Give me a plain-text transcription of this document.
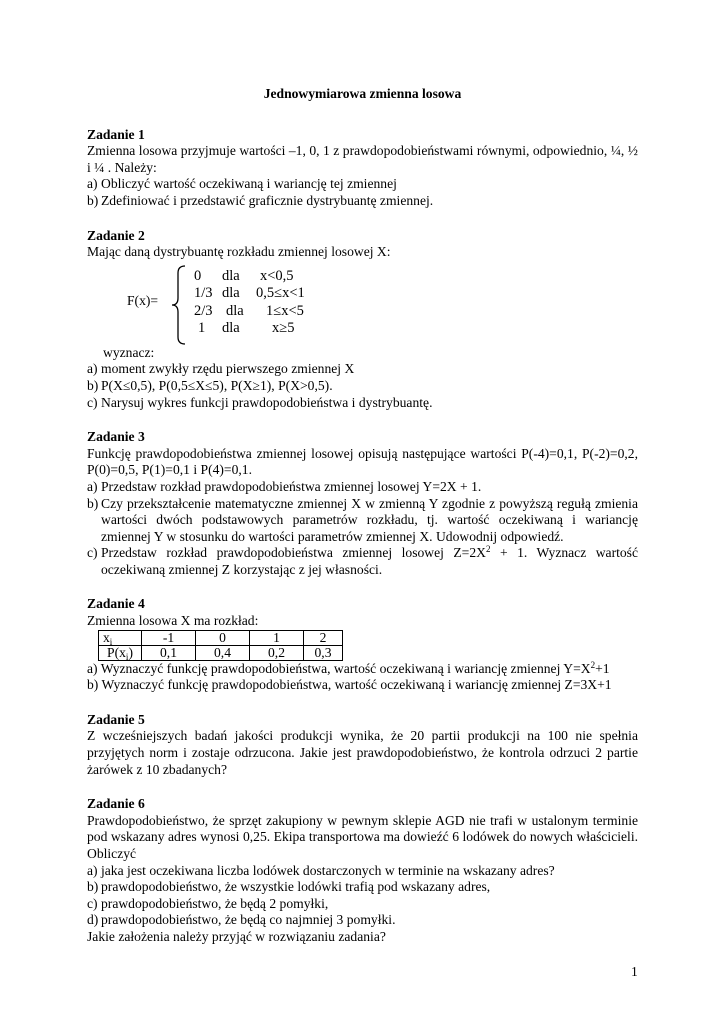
Jednowymiarowa zmienna losowa
Zadanie 1
Zmienna losowa przyjmuje wartości –1, 0, 1 z prawdopodobieństwami równymi, odpowiednio, ¼, ½ i ¼ . Należy:
a) Obliczyć wartość oczekiwaną i wariancję tej zmiennej
b) Zdefiniować i przedstawić graficznie dystrybuantę zmiennej.
Zadanie 2
Mając daną dystrybuantę rozkładu zmiennej losowej X:
F(x)=
0 dla x<0,5
1/3 dla 0,5≤x<1
2/3 dla 1≤x<5
1 dla x≥5
wyznacz:
a) moment zwykły rzędu pierwszego zmiennej X
b) P(X≤0,5), P(0,5≤X≤5), P(X≥1), P(X>0,5).
c) Narysuj wykres funkcji prawdopodobieństwa i dystrybuantę.
Zadanie 3
Funkcję prawdopodobieństwa zmiennej losowej opisują następujące wartości P(-4)=0,1, P(-2)=0,2, P(0)=0,5, P(1)=0,1 i P(4)=0,1.
a) Przedstaw rozkład prawdopodobieństwa zmiennej losowej Y=2X + 1.
b) Czy przekształcenie matematyczne zmiennej X w zmienną Y zgodnie z powyższą regułą zmienia wartości dwóch podstawowych parametrów rozkładu, tj. wartość oczekiwaną i wariancję zmiennej Y w stosunku do wartości parametrów zmiennej X. Udowodnij odpowiedź.
c) Przedstaw rozkład prawdopodobieństwa zmiennej losowej $Z=2X^2 + 1$. Wyznacz wartość oczekiwaną zmiennej Z korzystając z jej własności.
Zadanie 4
Zmienna losowa X ma rozkład:
$x_i$	-1	0	1	2
$P(x_i)$	0,1	0,4	0,2	0,3
a) Wyznaczyć funkcję prawdopodobieństwa, wartość oczekiwaną i wariancję zmiennej $Y=X^2+1$
b) Wyznaczyć funkcję prawdopodobieństwa, wartość oczekiwaną i wariancję zmiennej Z=3X+1
Zadanie 5
Z wcześniejszych badań jakości produkcji wynika, że 20 partii produkcji na 100 nie spełnia przyjętych norm i zostaje odrzucona. Jakie jest prawdopodobieństwo, że kontrola odrzuci 2 partie żarówek z 10 zbadanych?
Zadanie 6
Prawdopodobieństwo, że sprzęt zakupiony w pewnym sklepie AGD nie trafi w ustalonym terminie pod wskazany adres wynosi 0,25. Ekipa transportowa ma dowieźć 6 lodówek do nowych właścicieli. Obliczyć
a) jaka jest oczekiwana liczba lodówek dostarczonych w terminie na wskazany adres?
b) prawdopodobieństwo, że wszystkie lodówki trafią pod wskazany adres,
c) prawdopodobieństwo, że będą 2 pomyłki,
d) prawdopodobieństwo, że będą co najmniej 3 pomyłki.
Jakie założenia należy przyjąć w rozwiązaniu zadania?
1
